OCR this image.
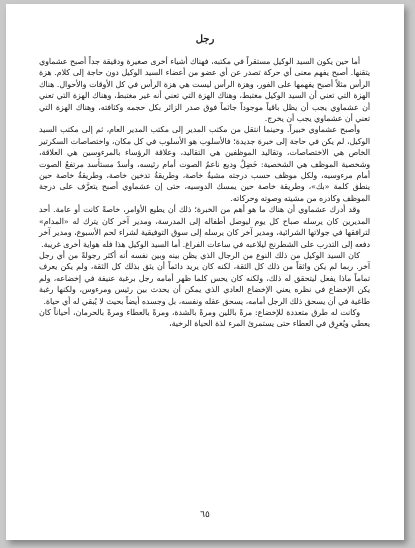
رجل

أما حين يكون السيد الوكيل مستقراً في مكتبه، فهناك أشياء أخرى صغيرة ودقيقة جداً أصبح عشماوي يتقنها. أصبح يفهم معنى أي حركة تصدر عن أي عضو من أعضاء السيد الوكيل دون حاجة إلى كلام. هزة الرأس مثلاً أصبح يفهمها على الفور، وهزة الرأس ليست هي هزة الرأس في كل الأوقات والأحوال. هناك الهزة التي تعني أن السيد الوكيل مغتبط، وهناك الهزة التي تعني أنه غير مغتبط، وهناك الهزة التي تعني أن عشماوي يجب أن يظل باقياً موجوداً جاثماً فوق صدر الزائر بكل حجمه وكثافته، وهناك الهزة التي تعني أن عشماوي يجب أن يخرج.

وأصبح عشماوي خبيراً. وحينما انتقل من مكتب المدير إلى مكتب المدير العام، ثم إلى مكتب السيد الوكيل، لم يكن في حاجة إلى خبرة جديدة؛ فالأسلوب هو الأسلوب في كل مكان، واختصاصات السكرتير الخاص هي الاختصاصات، وتقاليد الموظفين هي التقاليد، وعلاقة الرؤساء بالمرءوسين هي العلاقة، وشخصية الموظف هي الشخصية: خَضِلٌ وديع ناعمُ الصوت أمام رئيسه، وأسدٌ مستأسد مرتفعُ الصوت أمام مرءوسيه، ولكل موظف حسب درجته مشيةٌ خاصة، وطريقةُ تدخين خاصة، وطريقةٌ خاصة حين ينطق كلمة «بك»، وطريقة خاصة حين يمسك الدوسيه، حتى إن عشماوي أصبح يتعرَّف على درجة الموظف وكادره من مشيته وصوته وحركاته.

وقد أدرك عشماوي أن هناك ما هو أهم من الخبرة؛ ذلك أن يطيع الأوامر، خاصةً كانت أو عامة. أحد المديرين كان يرسله صباح كل يوم ليوصل أطفاله إلى المدرسة، ومدير آخر كان يترك له «المدام» لترافقها في جولاتها الشرائية، ومدير آخر كان يرسله إلى سوق التوفيقية لشراء لحم الأسبوع، ومدير آخر دفعه إلى التدرب على الشطرنج ليلاعبه في ساعات الفراغ. أما السيد الوكيل هذا فله هواية أخرى غريبة.

كان السيد الوكيل من ذلك النوع من الرجال الذي يظن بينه وبين نفسه أنه أكثر رجولةً من أي رجل آخر. ربما لم يكن واثقاً من ذلك كل الثقة، لكنه كان يريد دائماً أن يثق بذلك كل الثقة، ولم يكن يعرف تماماً ماذا يفعل ليتحقق له ذلك، ولكنه كان يحس كلما ظهر أمامه رجل برغبة عنيفة في إخضاعه، ولم يكن الإخضاع في نظره يعني الإخضاع العادي الذي يمكن أن يحدث بين رئيس ومرءوس، ولكنها رغبة طاغية في أن يسحق ذلك الرجل أمامه، يسحق عقله ونفسه، بل وجسده أيضاً بحيث لا يُبقي له أي حياة.

وكانت له طرق متعددة للإخضاع: مرةً باللين ومرةً بالشدة، ومرةً بالعطاء ومرةً بالحرمان، أحياناً كان يعطي ويُغرِق في العطاء حتى يستمرئ المرء لذة الحياة الرخية،

٦٥
